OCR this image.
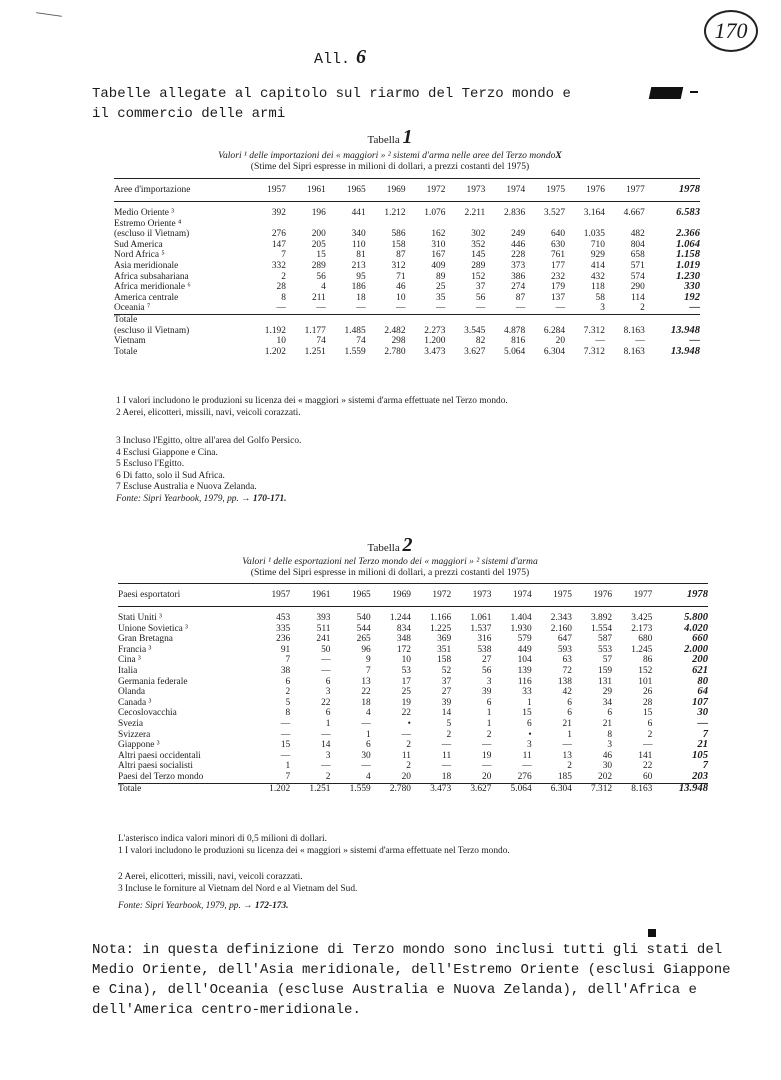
170
All. 6
Tabelle allegate al capitolo sul riarmo del Terzo mondo e
il commercio delle armi
Tabella 1
Valori ¹ delle importazioni dei « maggiori » ² sistemi d'arma nelle aree del Terzo mondoX
(Stime del Sipri espresse in milioni di dollari, a prezzi costanti del 1975)
Aree d'importazione	1957	1961	1965	1969	1972	1973	1974	1975	1976	1977	1978

Medio Oriente ³	392	196	441	1.212	1.076	2.211	2.836	3.527	3.164	4.667	6.583
Estremo Oriente ⁴											
(escluso il Vietnam)	276	200	340	586	162	302	249	640	1.035	482	2.366
Sud America	147	205	110	158	310	352	446	630	710	804	1.064
Nord Africa ⁵	7	15	81	87	167	145	228	761	929	658	1.158
Asia meridionale	332	289	213	312	409	289	373	177	414	571	1.019
Africa subsahariana	2	56	95	71	89	152	386	232	432	574	1.230
Africa meridionale ⁶	28	4	186	46	25	37	274	179	118	290	330
America centrale	8	211	18	10	35	56	87	137	58	114	192
Oceania ⁷	—	—	—	—	—	—	—	—	3	2	—
Totale											
(escluso il Vietnam)	1.192	1.177	1.485	2.482	2.273	3.545	4.878	6.284	7.312	8.163	13.948
Vietnam	10	74	74	298	1.200	82	816	20	—	—	—
Totale	1.202	1.251	1.559	2.780	3.473	3.627	5.064	6.304	7.312	8.163	13.948
1 I valori includono le produzioni su licenza dei « maggiori » sistemi d'arma effettuate nel Terzo mondo.
2 Aerei, elicotteri, missili, navi, veicoli corazzati.
3 Incluso l'Egitto, oltre all'area del Golfo Persico.
4 Esclusi Giappone e Cina.
5 Escluso l'Egitto.
6 Di fatto, solo il Sud Africa.
7 Escluse Australia e Nuova Zelanda.
Fonte: Sipri Yearbook, 1979, pp. → 170-171.
Tabella 2
Valori ¹ delle esportazioni nel Terzo mondo dei « maggiori » ² sistemi d'arma
(Stime del Sipri espresse in milioni di dollari, a prezzi costanti del 1975)
Paesi esportatori	1957	1961	1965	1969	1972	1973	1974	1975	1976	1977	1978

Stati Uniti ³	453	393	540	1.244	1.166	1.061	1.404	2.343	3.892	3.425	5.800
Unione Sovietica ³	335	511	544	834	1.225	1.537	1.930	2.160	1.554	2.173	4.020
Gran Bretagna	236	241	265	348	369	316	579	647	587	680	660
Francia ³	91	50	96	172	351	538	449	593	553	1.245	2.000
Cina ³	7	—	9	10	158	27	104	63	57	86	200
Italia	38	—	7	53	52	56	139	72	159	152	621
Germania federale	6	6	13	17	37	3	116	138	131	101	80
Olanda	2	3	22	25	27	39	33	42	29	26	64
Canada ³	5	22	18	19	39	6	1	6	34	28	107
Cecoslovacchia	8	6	4	22	14	1	15	6	6	15	30
Svezia	—	1	—	•	5	1	6	21	21	6	—
Svizzera	—	—	1	—	2	2	•	1	8	2	7
Giappone ³	15	14	6	2	—	—	3	—	3	—	21
Altri paesi occidentali	—	3	30	11	11	19	11	13	46	141	105
Altri paesi socialisti	1	—	—	2	—	—	—	2	30	22	7
Paesi del Terzo mondo	7	2	4	20	18	20	276	185	202	60	203
Totale	1.202	1.251	1.559	2.780	3.473	3.627	5.064	6.304	7.312	8.163	13.948
L'asterisco indica valori minori di 0,5 milioni di dollari.
1 I valori includono le produzioni su licenza dei « maggiori » sistemi d'arma effettuate nel Terzo mondo.
2 Aerei, elicotteri, missili, navi, veicoli corazzati.
3 Incluse le forniture al Vietnam del Nord e al Vietnam del Sud.
Fonte: Sipri Yearbook, 1979, pp. → 172-173.
Nota: in questa definizione di Terzo mondo sono inclusi tutti gli stati del Medio Oriente, dell'Asia meridionale, dell'Estremo Oriente (esclusi Giappone e Cina), dell'Oceania (escluse Australia e Nuova Zelanda), dell'Africa e dell'America centro-meridionale.
